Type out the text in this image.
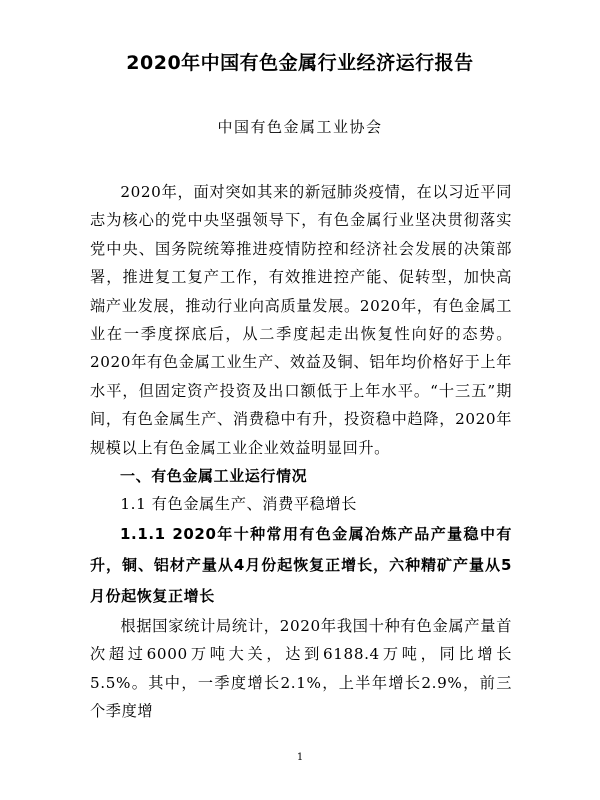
2020年中国有色金属行业经济运行报告
中国有色金属工业协会

2020年，面对突如其来的新冠肺炎疫情，在以习近平同志为核心的党中央坚强领导下，有色金属行业坚决贯彻落实党中央、国务院统筹推进疫情防控和经济社会发展的决策部署，推进复工复产工作，有效推进控产能、促转型，加快高端产业发展，推动行业向高质量发展。2020年，有色金属工业在一季度探底后，从二季度起走出恢复性向好的态势。2020年有色金属工业生产、效益及铜、铝年均价格好于上年水平，但固定资产投资及出口额低于上年水平。“十三五”期间，有色金属生产、消费稳中有升，投资稳中趋降，2020年规模以上有色金属工业企业效益明显回升。

一、有色金属工业运行情况

1.1 有色金属生产、消费平稳增长

1.1.1 2020年十种常用有色金属冶炼产品产量稳中有升，铜、铝材产量从4月份起恢复正增长，六种精矿产量从5月份起恢复正增长

根据国家统计局统计，2020年我国十种有色金属产量首次超过6000万吨大关，达到6188.4万吨，同比增长5.5%。其中，一季度增长2.1%，上半年增长2.9%，前三个季度增

1
